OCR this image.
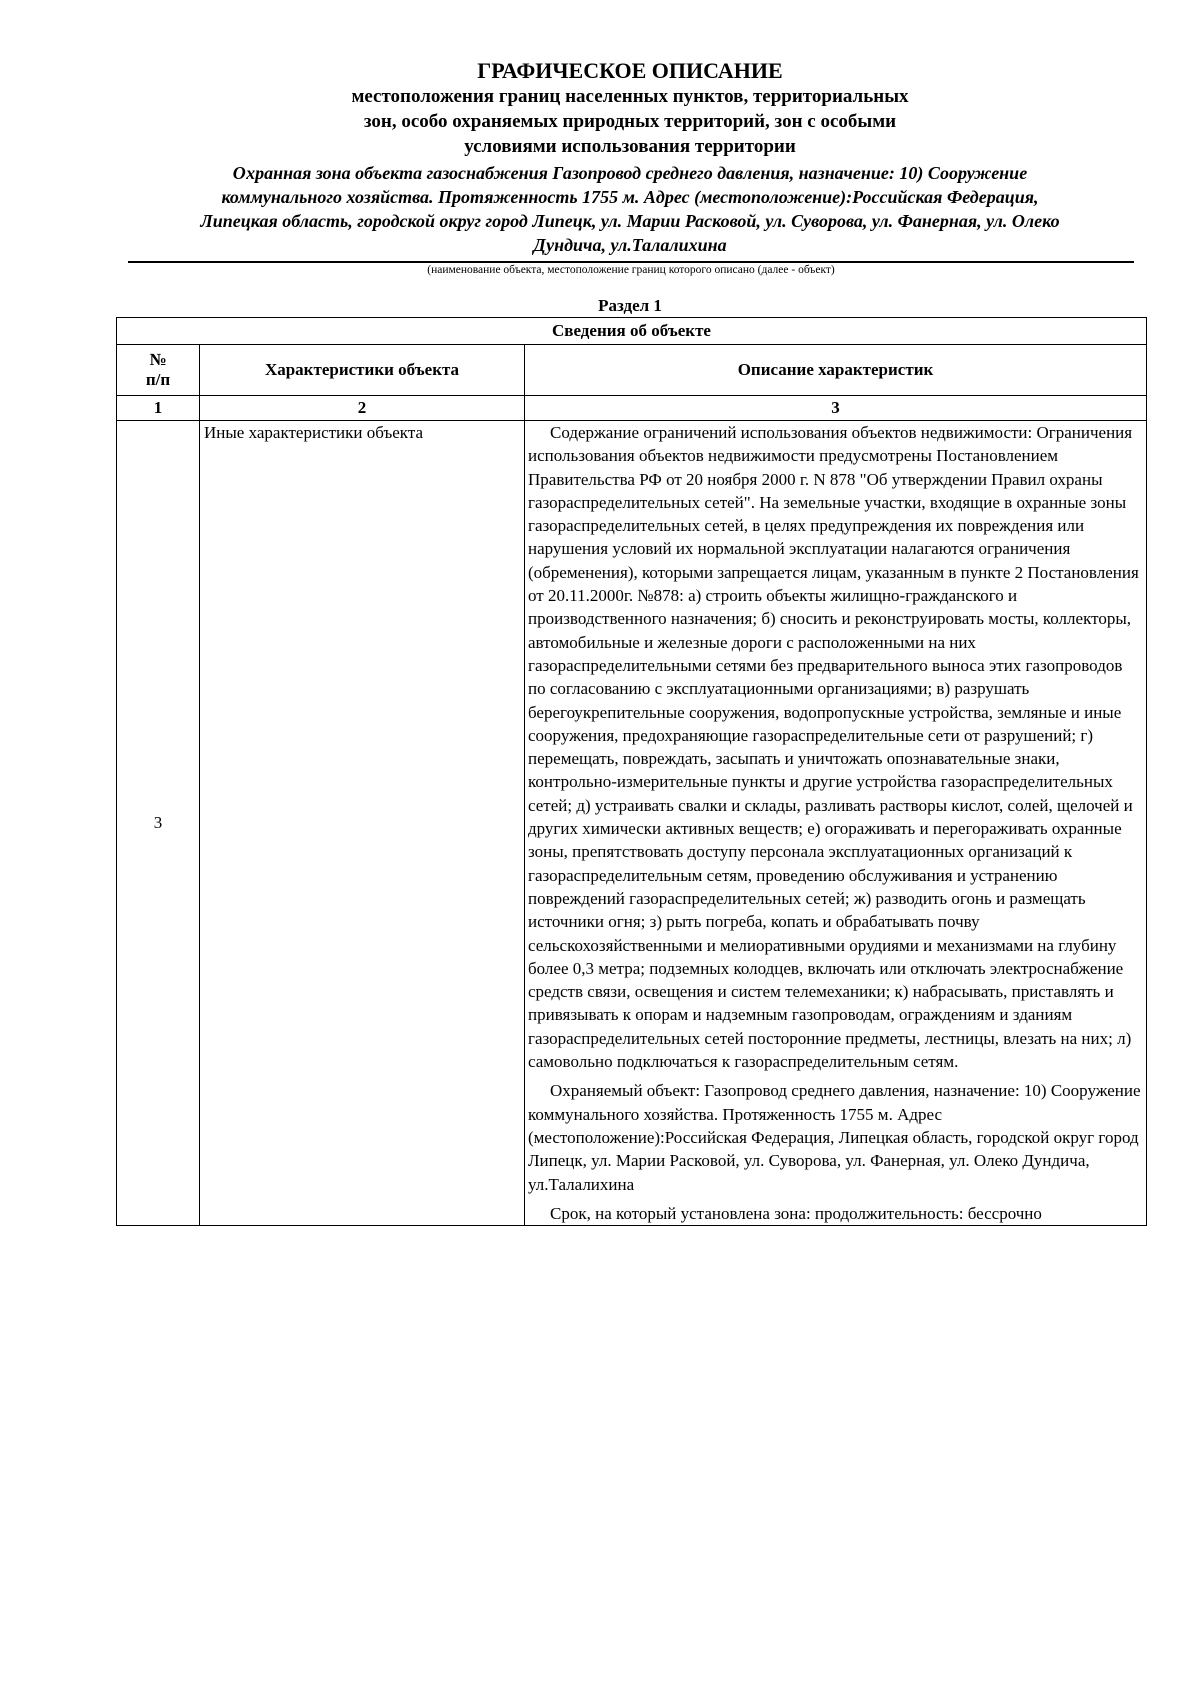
ГРАФИЧЕСКОЕ ОПИСАНИЕ
местоположения границ населенных пунктов, территориальных
зон, особо охраняемых природных территорий, зон с особыми
условиями использования территории
Охранная зона объекта газоснабжения Газопровод среднего давления, назначение: 10) Сооружение
коммунального хозяйства. Протяженность 1755 м. Адрес (местоположение):Российская Федерация,
Липецкая область, городской округ город Липецк, ул. Марии Расковой, ул. Суворова, ул. Фанерная, ул. Олеко
Дундича, ул.Талалихина
(наименование объекта, местоположение границ которого описано (далее - объект)
Раздел 1
Сведения об объекте		

№
п/п	Характеристики объекта	Описание характеристик
1	2	3
3	Иные характеристики объекта	Содержание ограничений использования объектов недвижимости: Ограничения использования объектов недвижимости предусмотрены Постановлением Правительства РФ от 20 ноября 2000 г. N 878 "Об утверждении Правил охраны газораспределительных сетей". На земельные участки, входящие в охранные зоны газораспределительных сетей, в целях предупреждения их повреждения или нарушения условий их нормальной эксплуатации налагаются ограничения (обременения), которыми запрещается лицам, указанным в пункте 2 Постановления от 20.11.2000г. №878: а) строить объекты жилищно-гражданского и производственного назначения; б) сносить и реконструировать мосты, коллекторы, автомобильные и железные дороги с расположенными на них газораспределительными сетями без предварительного выноса этих газопроводов по согласованию с эксплуатационными организациями; в) разрушать берегоукрепительные сооружения, водопропускные устройства, земляные и иные сооружения, предохраняющие газораспределительные сети от разрушений; г) перемещать, повреждать, засыпать и уничтожать опознавательные знаки, контрольно-измерительные пункты и другие устройства газораспределительных сетей; д) устраивать свалки и склады, разливать растворы кислот, солей, щелочей и других химически активных веществ; е) огораживать и перегораживать охранные зоны, препятствовать доступу персонала эксплуатационных организаций к газораспределительным сетям, проведению обслуживания и устранению повреждений газораспределительных сетей; ж) разводить огонь и размещать источники огня; з) рыть погреба, копать и обрабатывать почву сельскохозяйственными и мелиоративными орудиями и механизмами на глубину более 0,3 метра; подземных колодцев, включать или отключать электроснабжение средств связи, освещения и систем телемеханики; к) набрасывать, приставлять и привязывать к опорам и надземным газопроводам, ограждениям и зданиям газораспределительных сетей посторонние предметы, лестницы, влезать на них; л) самовольно подключаться к газораспределительным сетям.

Охраняемый объект: Газопровод среднего давления, назначение: 10) Сооружение коммунального хозяйства. Протяженность 1755 м. Адрес (местоположение):Российская Федерация, Липецкая область, городской округ город Липецк, ул. Марии Расковой, ул. Суворова, ул. Фанерная, ул. Олеко Дундича, ул.Талалихина

Срок, на который установлена зона: продолжительность: бессрочно
